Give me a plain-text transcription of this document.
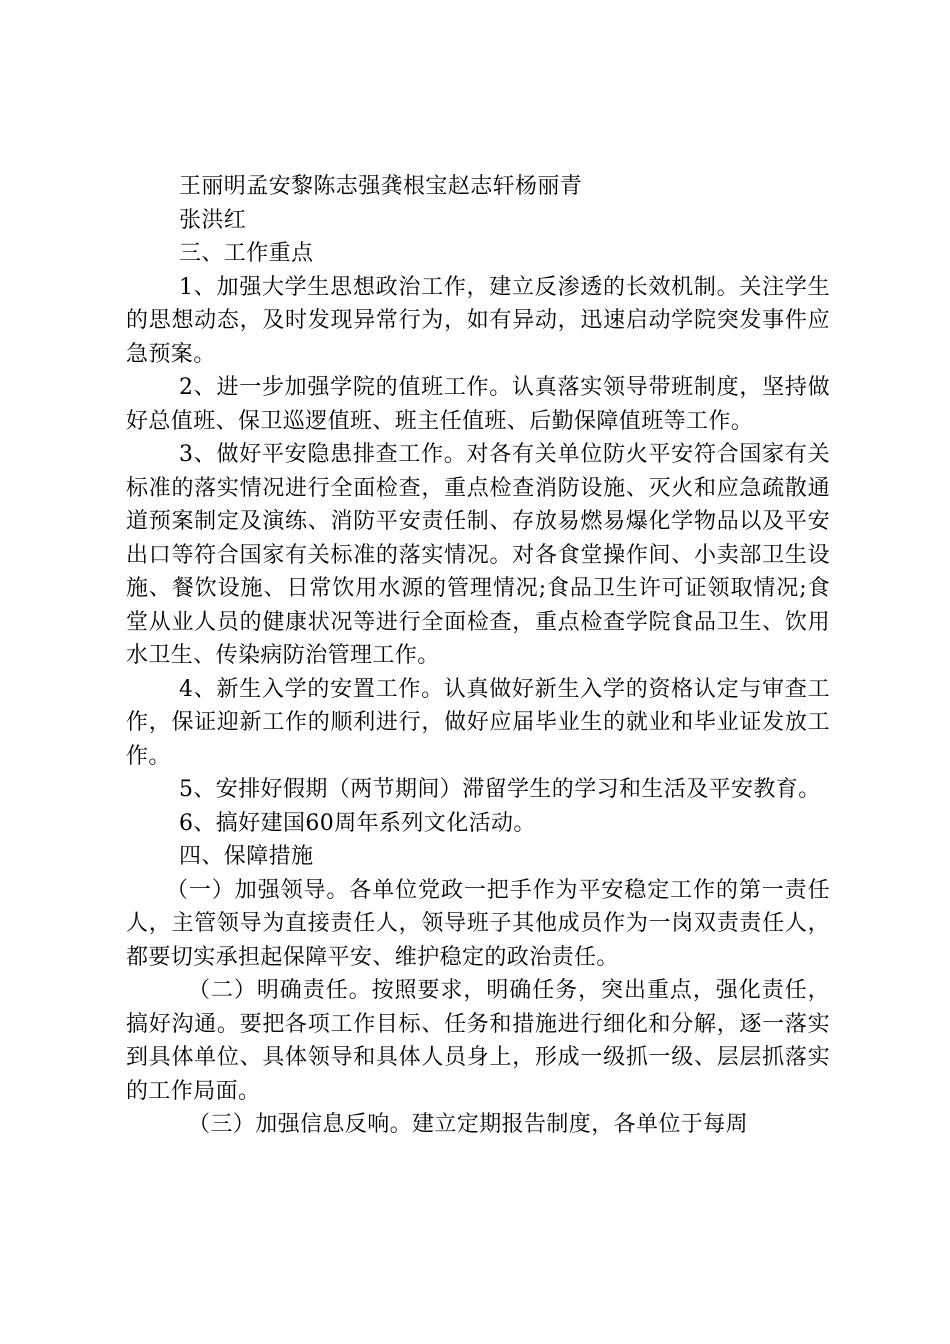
王丽明孟安黎陈志强龚根宝赵志轩杨丽青

张洪红

三、工作重点

1、加强大学生思想政治工作，建立反渗透的长效机制。关注学生的思想动态，及时发现异常行为，如有异动，迅速启动学院突发事件应急预案。

2、进一步加强学院的值班工作。认真落实领导带班制度，坚持做好总值班、保卫巡逻值班、班主任值班、后勤保障值班等工作。

3、做好平安隐患排查工作。对各有关单位防火平安符合国家有关标准的落实情况进行全面检查，重点检查消防设施、灭火和应急疏散通道预案制定及演练、消防平安责任制、存放易燃易爆化学物品以及平安出口等符合国家有关标准的落实情况。对各食堂操作间、小卖部卫生设施、餐饮设施、日常饮用水源的管理情况;食品卫生许可证领取情况;食堂从业人员的健康状况等进行全面检查，重点检查学院食品卫生、饮用水卫生、传染病防治管理工作。

4、新生入学的安置工作。认真做好新生入学的资格认定与审查工作，保证迎新工作的顺利进行，做好应届毕业生的就业和毕业证发放工作。

5、安排好假期（两节期间）滞留学生的学习和生活及平安教育。

6、搞好建国60周年系列文化活动。

四、保障措施

（一）加强领导。各单位党政一把手作为平安稳定工作的第一责任人，主管领导为直接责任人，领导班子其他成员作为一岗双责责任人，都要切实承担起保障平安、维护稳定的政治责任。

（二）明确责任。按照要求，明确任务，突出重点，强化责任，搞好沟通。要把各项工作目标、任务和措施进行细化和分解，逐一落实到具体单位、具体领导和具体人员身上，形成一级抓一级、层层抓落实的工作局面。

（三）加强信息反响。建立定期报告制度，各单位于每周
